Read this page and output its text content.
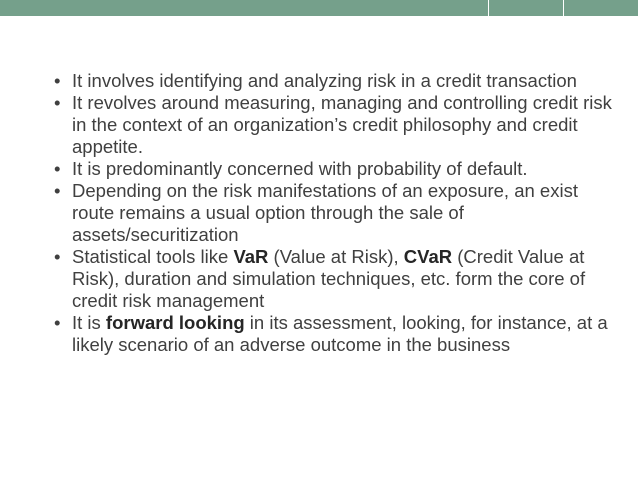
• It involves identifying and analyzing risk in a credit transaction
• It revolves around measuring, managing and controlling credit risk in the context of an organization’s credit philosophy and credit appetite.
• It is predominantly concerned with probability of default.
• Depending on the risk manifestations of an exposure, an exist route remains a usual option through the sale of assets/securitization
• Statistical tools like VaR (Value at Risk), CVaR (Credit Value at Risk), duration and simulation techniques, etc. form the core of credit risk management
• It is forward looking in its assessment, looking, for instance, at a likely scenario of an adverse outcome in the business
